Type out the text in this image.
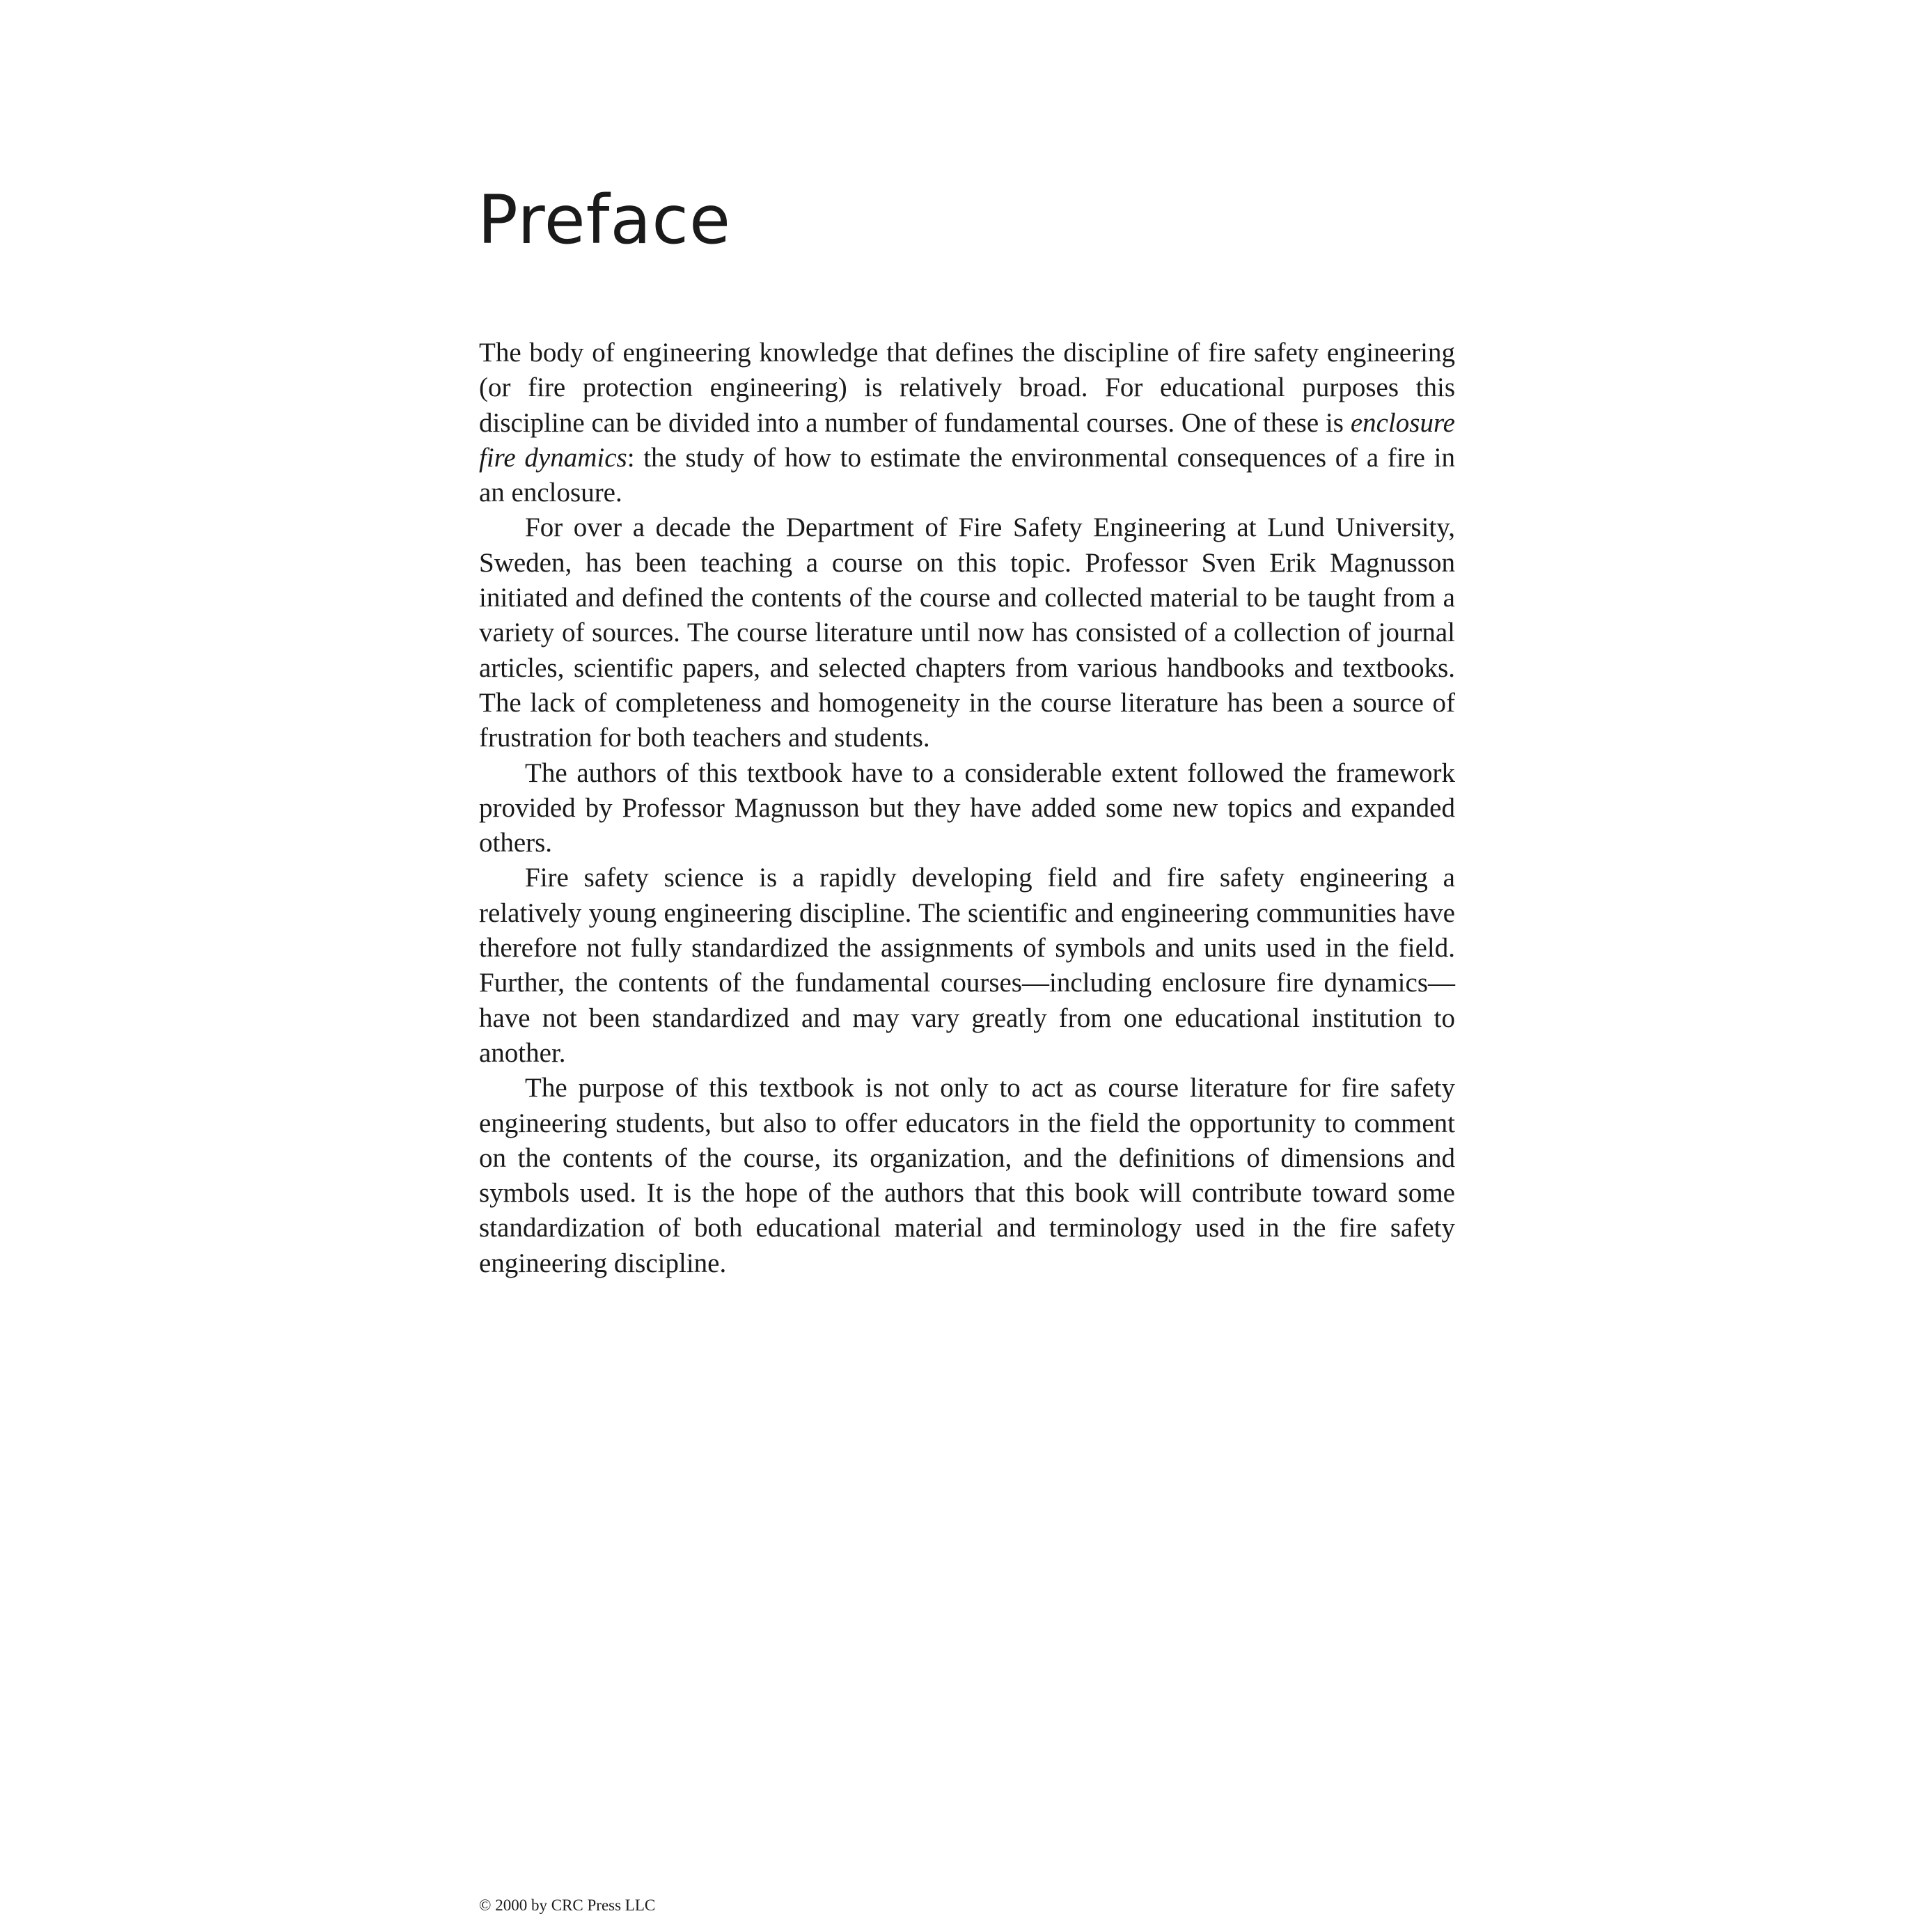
Preface

The body of engineering knowledge that defines the discipline of fire safety engineering (or fire protection engineering) is relatively broad. For educational purposes this discipline can be divided into a number of fundamental courses. One of these is enclosure fire dynamics: the study of how to estimate the environmental consequences of a fire in an enclosure.

For over a decade the Department of Fire Safety Engineering at Lund University, Sweden, has been teaching a course on this topic. Professor Sven Erik Magnusson initiated and defined the contents of the course and collected material to be taught from a variety of sources. The course literature until now has consisted of a collection of journal articles, scientific papers, and selected chapters from various handbooks and textbooks. The lack of completeness and homogeneity in the course literature has been a source of frustration for both teachers and students.

The authors of this textbook have to a considerable extent followed the framework provided by Professor Magnusson but they have added some new topics and expanded others.

Fire safety science is a rapidly developing field and fire safety engineering a relatively young engineering discipline. The scientific and engineering communities have therefore not fully standardized the assignments of symbols and units used in the field. Further, the contents of the fundamental courses—including enclosure fire dynamics—have not been standardized and may vary greatly from one educational institution to another.

The purpose of this textbook is not only to act as course literature for fire safety engineering students, but also to offer educators in the field the opportunity to comment on the contents of the course, its organization, and the definitions of dimensions and symbols used. It is the hope of the authors that this book will contribute toward some standardization of both educational material and terminology used in the fire safety engineering discipline.

© 2000 by CRC Press LLC
